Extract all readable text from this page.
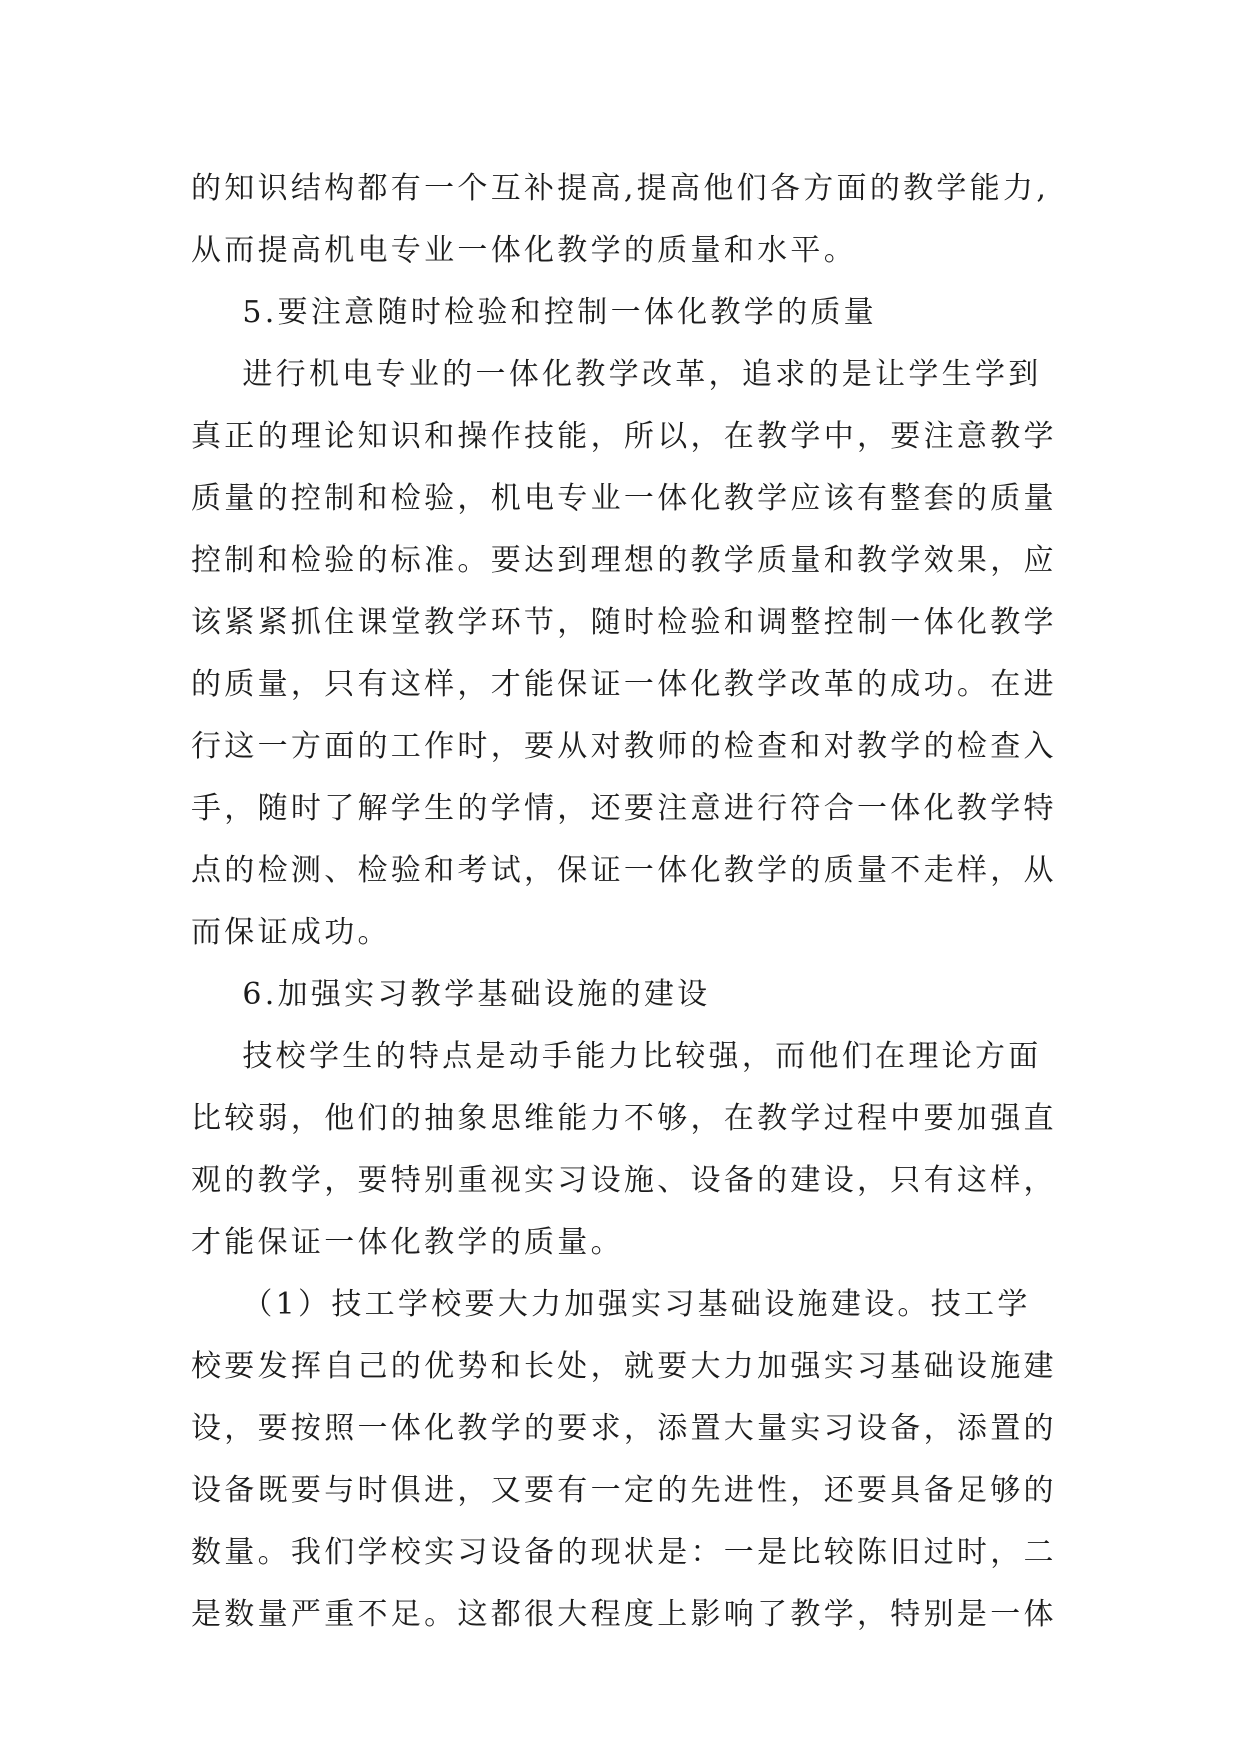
的知识结构都有一个互补提高,提高他们各方面的教学能力,
从而提高机电专业一体化教学的质量和水平。
5.要注意随时检验和控制一体化教学的质量
进行机电专业的一体化教学改革，追求的是让学生学到
真正的理论知识和操作技能，所以，在教学中，要注意教学
质量的控制和检验，机电专业一体化教学应该有整套的质量
控制和检验的标准。要达到理想的教学质量和教学效果，应
该紧紧抓住课堂教学环节，随时检验和调整控制一体化教学
的质量，只有这样，才能保证一体化教学改革的成功。在进
行这一方面的工作时，要从对教师的检查和对教学的检查入
手，随时了解学生的学情，还要注意进行符合一体化教学特
点的检测、检验和考试，保证一体化教学的质量不走样，从
而保证成功。
6.加强实习教学基础设施的建设
技校学生的特点是动手能力比较强，而他们在理论方面
比较弱，他们的抽象思维能力不够，在教学过程中要加强直
观的教学，要特别重视实习设施、设备的建设，只有这样，
才能保证一体化教学的质量。
（1）技工学校要大力加强实习基础设施建设。技工学
校要发挥自己的优势和长处，就要大力加强实习基础设施建
设，要按照一体化教学的要求，添置大量实习设备，添置的
设备既要与时俱进，又要有一定的先进性，还要具备足够的
数量。我们学校实习设备的现状是：一是比较陈旧过时，二
是数量严重不足。这都很大程度上影响了教学，特别是一体
